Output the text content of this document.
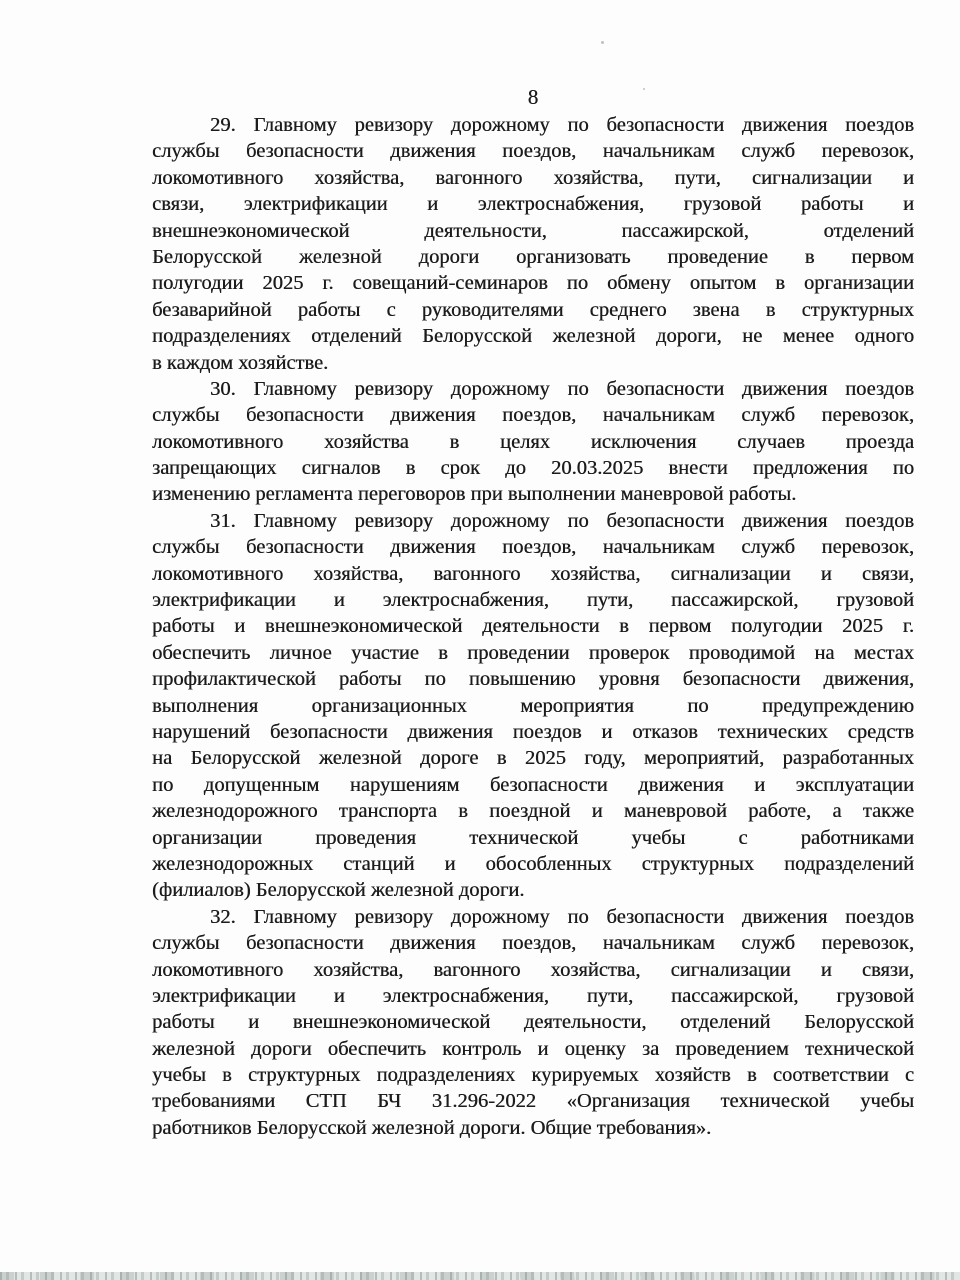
8

29. Главному ревизору дорожному по безопасности движения поездов
службы безопасности движения поездов, начальникам служб перевозок,
локомотивного хозяйства, вагонного хозяйства, пути, сигнализации и
связи, электрификации и электроснабжения, грузовой работы и
внешнеэкономической деятельности, пассажирской, отделений
Белорусской железной дороги организовать проведение в первом
полугодии 2025 г. совещаний-семинаров по обмену опытом в организации
безаварийной работы с руководителями среднего звена в структурных
подразделениях отделений Белорусской железной дороги, не менее одного
в каждом хозяйстве.

30. Главному ревизору дорожному по безопасности движения поездов
службы безопасности движения поездов, начальникам служб перевозок,
локомотивного хозяйства в целях исключения случаев проезда
запрещающих сигналов в срок до 20.03.2025 внести предложения по
изменению регламента переговоров при выполнении маневровой работы.

31. Главному ревизору дорожному по безопасности движения поездов
службы безопасности движения поездов, начальникам служб перевозок,
локомотивного хозяйства, вагонного хозяйства, сигнализации и связи,
электрификации и электроснабжения, пути, пассажирской, грузовой
работы и внешнеэкономической деятельности в первом полугодии 2025 г.
обеспечить личное участие в проведении проверок проводимой на местах
профилактической работы по повышению уровня безопасности движения,
выполнения организационных мероприятия по предупреждению
нарушений безопасности движения поездов и отказов технических средств
на Белорусской железной дороге в 2025 году, мероприятий, разработанных
по допущенным нарушениям безопасности движения и эксплуатации
железнодорожного транспорта в поездной и маневровой работе, а также
организации проведения технической учебы с работниками
железнодорожных станций и обособленных структурных подразделений
(филиалов) Белорусской железной дороги.

32. Главному ревизору дорожному по безопасности движения поездов
службы безопасности движения поездов, начальникам служб перевозок,
локомотивного хозяйства, вагонного хозяйства, сигнализации и связи,
электрификации и электроснабжения, пути, пассажирской, грузовой
работы и внешнеэкономической деятельности, отделений Белорусской
железной дороги обеспечить контроль и оценку за проведением технической
учебы в структурных подразделениях курируемых хозяйств в соответствии с
требованиями СТП БЧ 31.296-2022 «Организация технической учебы
работников Белорусской железной дороги. Общие требования».
